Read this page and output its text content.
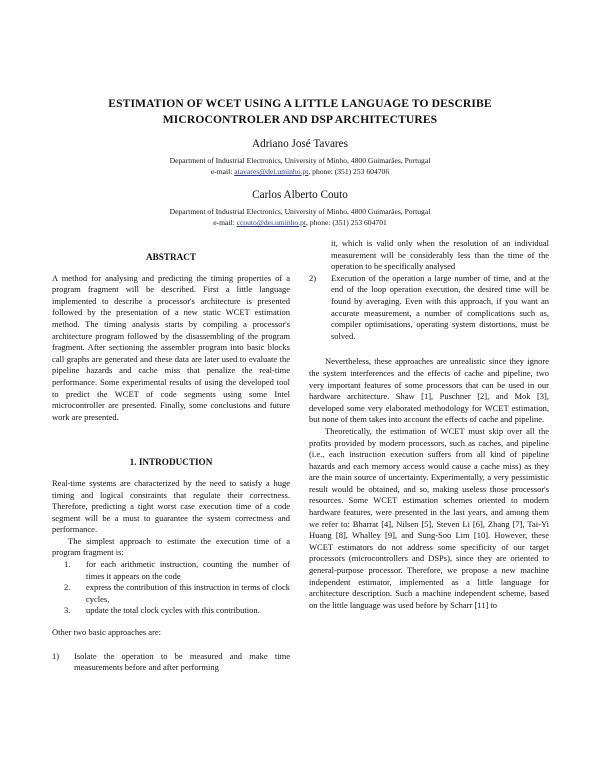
ESTIMATION OF WCET USING A LITTLE LANGUAGE TO DESCRIBE
MICROCONTROLER AND DSP ARCHITECTURES
Adriano José Tavares
Department of Industrial Electronics, University of Minho, 4800 Guimarães, Portugal
e-mail: atavares@dei.uminho.pt, phone: (351) 253 604706
Carlos Alberto Couto
Department of Industrial Electronics, University of Minho, 4800 Guimarães, Portugal
e-mail: ccouto@dei.uminho.pt, phone: (351) 253 604701

ABSTRACT

A method for analysing and predicting the timing properties of a program fragment will be described. First a little language implemented to describe a processor's architecture is presented followed by the presentation of a new static WCET estimation method. The timing analysis starts by compiling a processor's architecture program followed by the disassembling of the program fragment. After sectioning the assembler program into basic blocks call graphs are generated and these data are later used to evaluate the pipeline hazards and cache miss that penalize the real-time performance. Some experimental results of using the developed tool to predict the WCET of code segments using some Intel microcontroller are presented. Finally, some conclusions and future work are presented.

1. INTRODUCTION

Real-time systems are characterized by the need to satisfy a huge timing and logical constraints that regulate their correctness. Therefore, predicting a tight worst case execution time of a code segment will be a must to guarantee the system correctness and performance.

The simplest approach to estimate the execution time of a program fragment is:

1.	for each arithmetic instruction, counting the number of times it appears on the code
2.	express the contribution of this instruction in terms of clock cycles,
3.	update the total clock cycles with this contribution.

Other two basic approaches are:

1)	Isolate the operation to be measured and make time measurements before and after performing
it, which is valid only when the resolution of an individual measurement will be considerably less than the time of the operation to be specifically analysed
2)	Execution of the operation a large number of time, and at the end of the loop operation execution, the desired time will be found by averaging. Even with this approach, if you want an accurate measurement, a number of complications such as, compiler optimisations, operating system distortions, must be solved.

Nevertheless, these approaches are unrealistic since they ignore the system interferences and the effects of cache and pipeline, two very important features of some processors that can be used in our hardware architecture. Shaw [1], Puschner [2], and Mok [3], developed some very elaborated methodology for WCET estimation, but none of them takes into account the effects of cache and pipeline.

Theoretically, the estimation of WCET must skip over all the profits provided by modern processors, such as caches, and pipeline (i.e., each instruction execution suffers from all kind of pipeline hazards and each memory access would cause a cache miss) as they are the main source of uncertainty. Experimentally, a very pessimistic result would be obtained, and so, making useless those processor's resources. Some WCET estimation schemes oriented to modern hardware features, were presented in the last years, and among them we refer to: Bharrat [4], Nilsen [5], Steven Li [6], Zhang [7], Tai-Yi Huang [8], Whalley [9], and Sung-Soo Lim [10]. However, these WCET estimators do not address some specificity of our target processors (microcontrollers and DSPs), since they are oriented to general-purpose processor. Therefore, we propose a new machine independent estimator, implemented as a little language for architecture description. Such a machine independent scheme, based on the little language was used before by Scharr [11] to
